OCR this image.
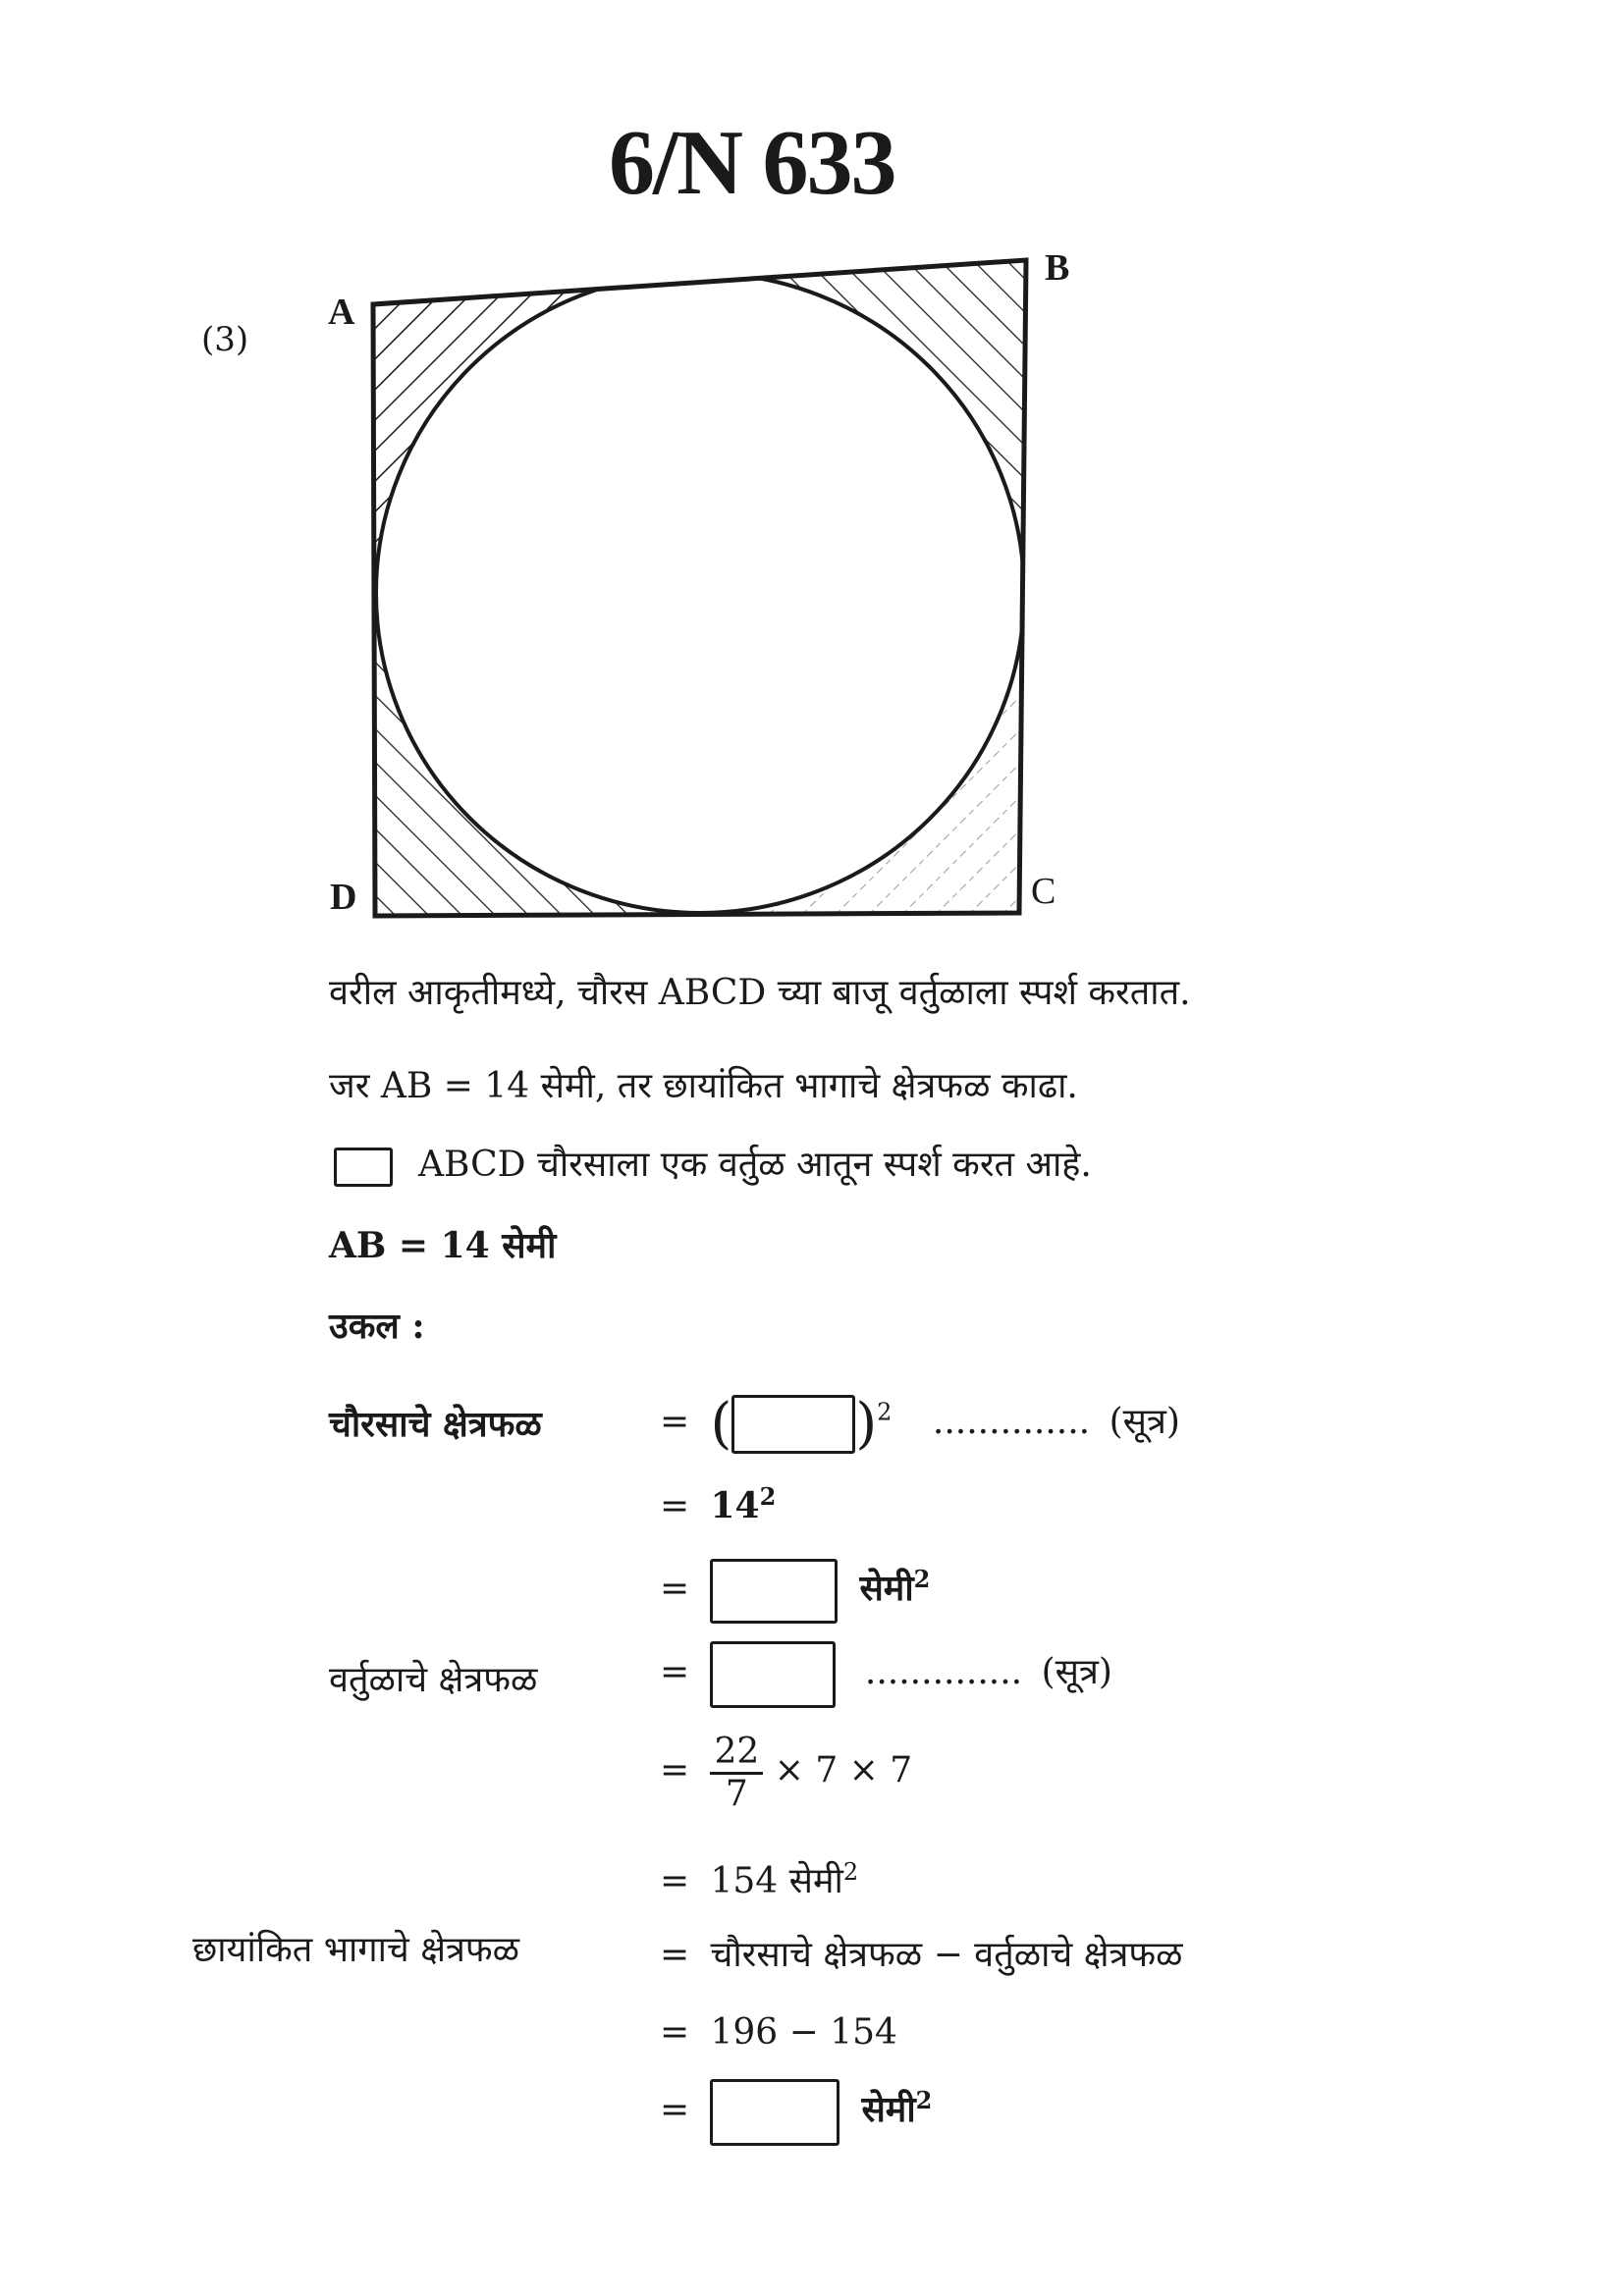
6/N 633
(3)
A
B
C
D
वरील आकृतीमध्ये, चौरस ABCD च्या बाजू वर्तुळाला स्पर्श करतात.
जर AB = 14 सेमी, तर छायांकित भागाचे क्षेत्रफळ काढा.
ABCD चौरसाला एक वर्तुळ आतून स्पर्श करत आहे.
AB = 14 सेमी
उकल :
चौरसाचे क्षेत्रफळ	= ( )$^2$ .............. (सूत्र)
= $14^2$
=	सेमी$^2$
वर्तुळाचे क्षेत्रफळ	=	.............. (सूत्र)
= $\frac{22}{7} \times 7 \times 7$
= 154 सेमी$^2$
छायांकित भागाचे क्षेत्रफळ	= चौरसाचे क्षेत्रफळ − वर्तुळाचे क्षेत्रफळ
= 196 − 154
=	सेमी$^2$
